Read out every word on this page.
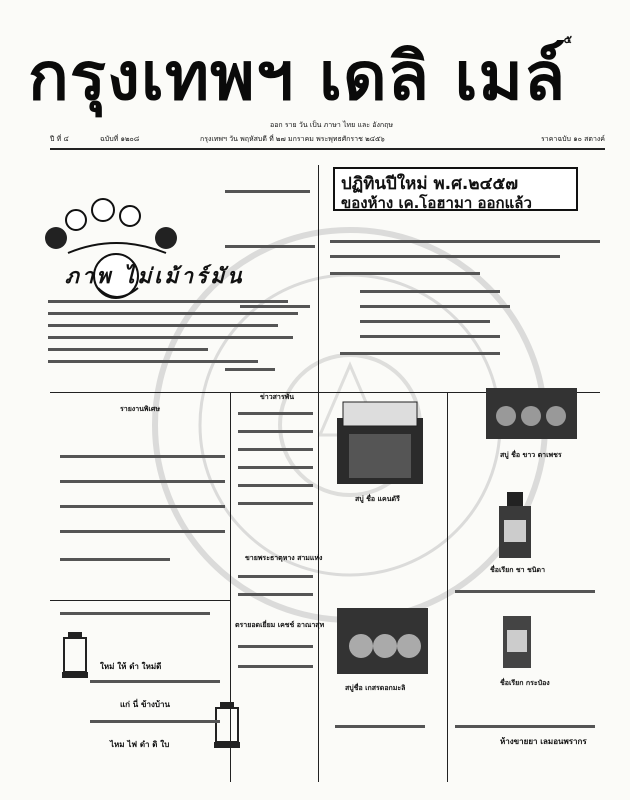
๕
กรุงเทพฯ เดลิ เมล์
ออก ราย วัน เป็น ภาษา ไทย และ อังกฤษ
ปี ที่ ๔	ฉบับที่ ๑๒๐๘	กรุงเทพฯ วัน พฤหัสบดี ที่ ๒๗ มกราคม พระพุทธศักราช ๒๔๕๖	ราคาฉบับ ๑๐ สตางค์
ปฏิทินปีใหม่ พ.ศ.๒๔๕๗
ของห้าง เค.โอฮามา ออกแล้ว
ภาพ ไม่เม้าร์มัน
รายงานพิเศษ
ข่าวสารพัน
ขายพระธาตุหาง สามแห่ง
ตรายอดเยี่ยม เคชช์ อาณาสุท
สบู่ ชื่อ แคนดัรี
สบู่ ชื่อ ขาว ตาเพชร
ชื่อเรียก ชา ชนิดา
สบู่ชื่อ เกสรดอกมะลิ
ชื่อเรียก กระป๋อง
ใหม่ ให้ ดำ ใหม่ดี
แก่ นี่ ข้างบ้าน
ไหม ไฟ ดำ ดิ ใบ	ห้างขายยา เลมอนพรากร
